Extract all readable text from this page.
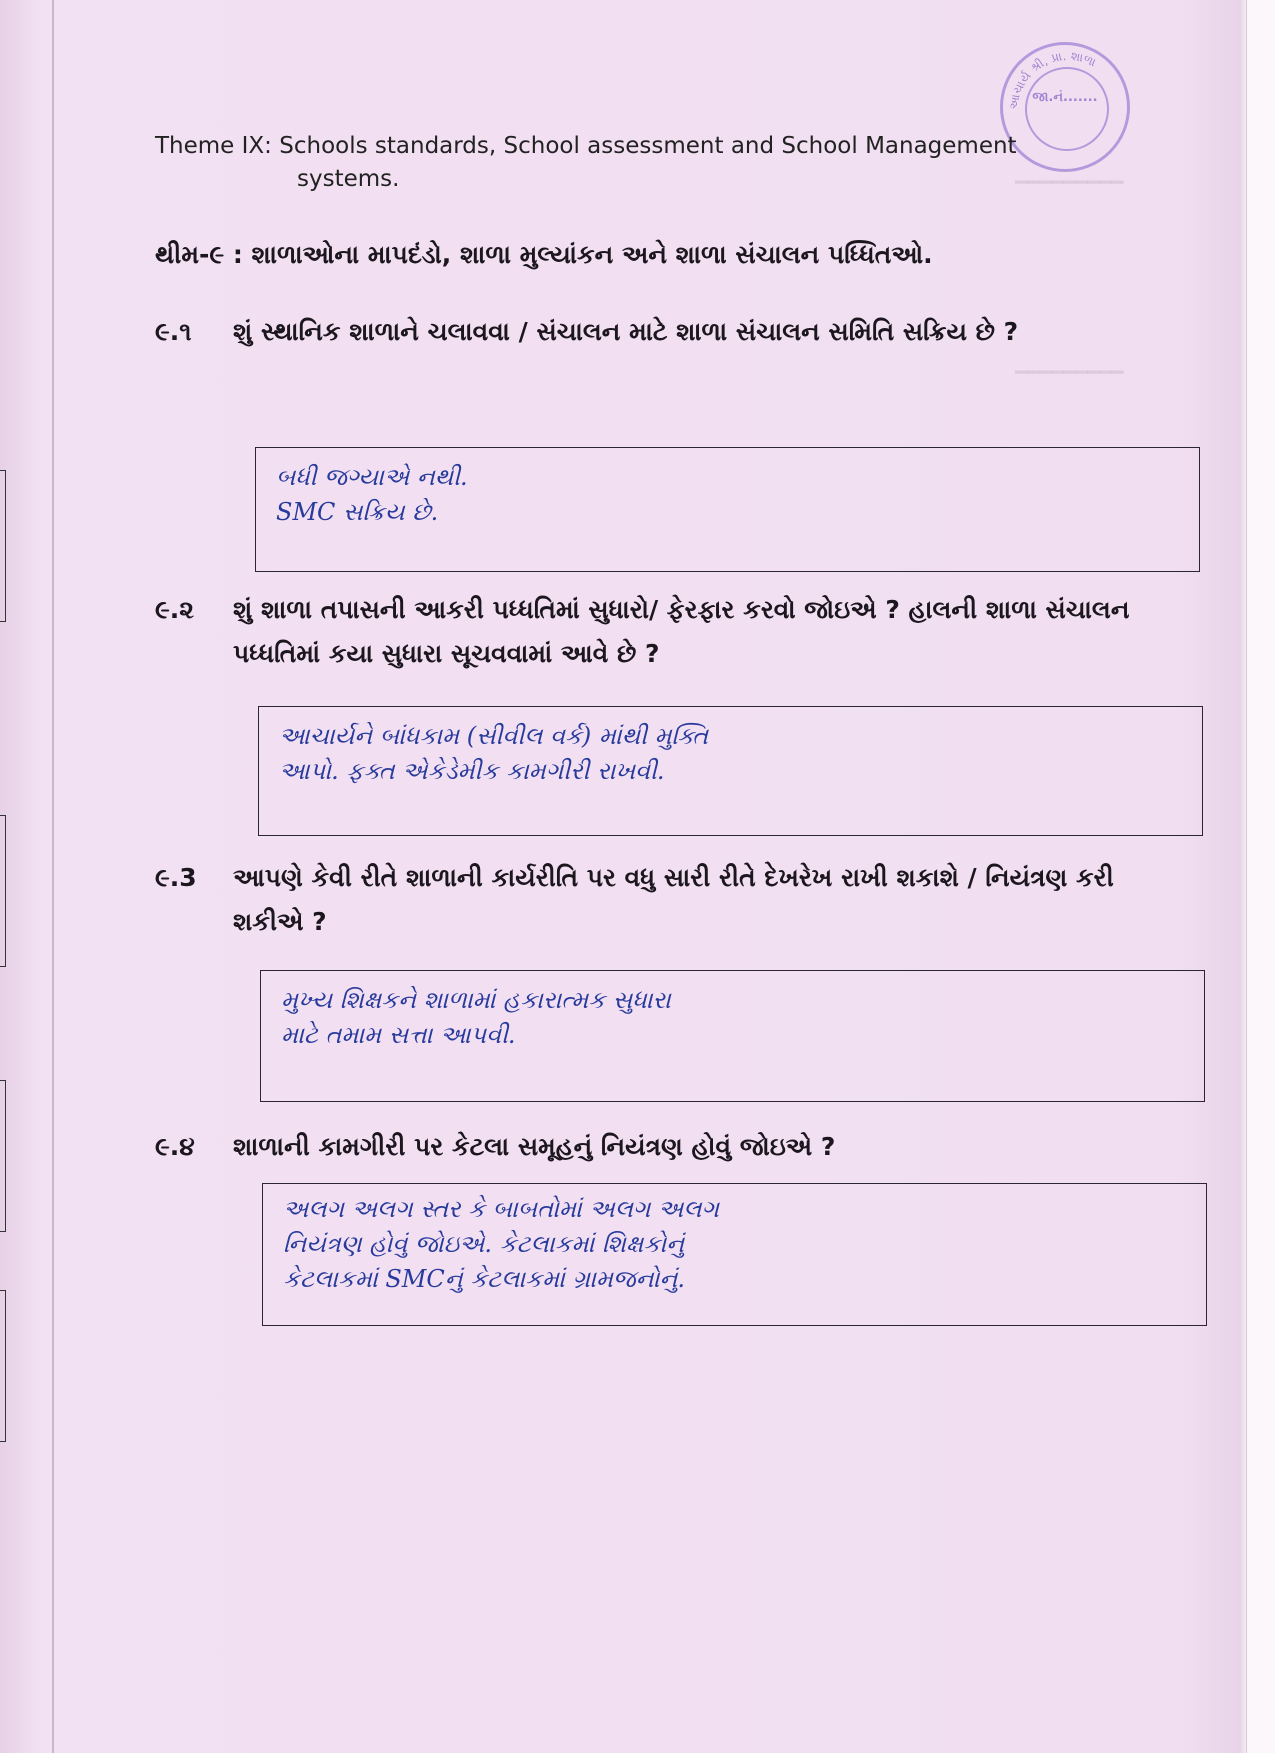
━━━━━━━━━
━━━━━━━━━
આચાર્ય શ્રી, પ્રા. શાળા
જા.નં.......
Theme IX: Schools standards, School assessment and School Management
systems.
થીમ-૯ : શાળાઓના માપદંડો, શાળા મુલ્યાંકન અને શાળા સંચાલન પધ્ધિતઓ.
૯.૧	શું સ્થાનિક શાળાને ચલાવવા / સંચાલન માટે શાળા સંચાલન સમિતિ સક્રિય છે ?
બધી જગ્યાએ નથી.
SMC સક્રિય છે.
૯.૨	શું શાળા તપાસની આકરી પધ્ધતિમાં સુધારો/ ફેરફાર કરવો જોઇએ ? હાલની શાળા સંચાલન પધ્ધતિમાં કયા સુધારા સૂચવવામાં આવે છે ?
આચાર્યને બાંધકામ (સીવીલ વર્ક) માંથી મુક્તિ
આપો. ફક્ત એકેડેમીક કામગીરી રાખવી.
૯.3	આપણે કેવી રીતે શાળાની કાર્યરીતિ પર વધુ સારી રીતે દેખરેખ રાખી શકાશે / નિયંત્રણ કરી શકીએ ?
મુખ્ય શિક્ષકને શાળામાં હકારાત્મક સુધારા
માટે તમામ સત્તા આપવી.
૯.૪	શાળાની કામગીરી પર કેટલા સમૂહનું નિયંત્રણ હોવું જોઇએ ?
અલગ અલગ સ્તર કે બાબતોમાં અલગ અલગ
નિયંત્રણ હોવું જોઇએ. કેટલાકમાં શિક્ષકોનું
કેટલાકમાં SMCનું કેટલાકમાં ગ્રામજનોનું.
